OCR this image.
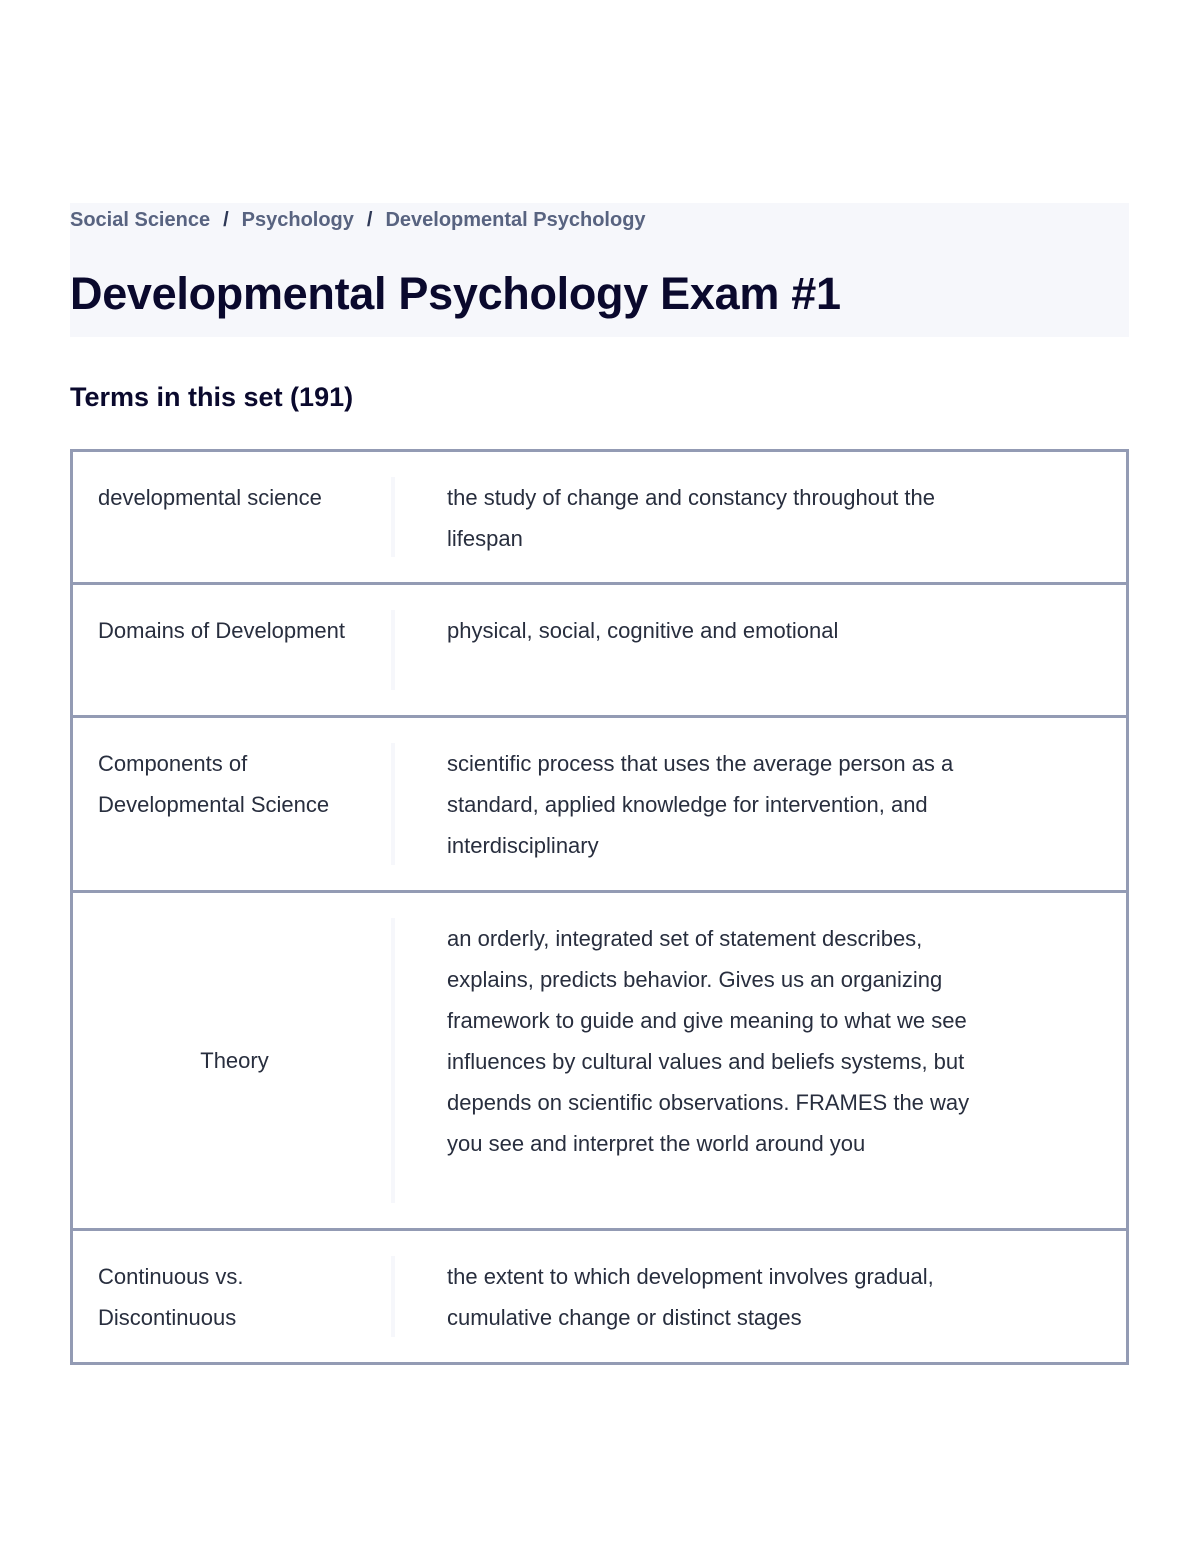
Social Science / Psychology / Developmental Psychology
Developmental Psychology Exam #1
Terms in this set (191)
developmental science	the study of change and constancy throughout the lifespan
Domains of Development	physical, social, cognitive and emotional
Components of Developmental Science
scientific process that uses the average person as a standard, applied knowledge for intervention, and interdisciplinary
Theory
an orderly, integrated set of statement describes, explains, predicts behavior. Gives us an organizing framework to guide and give meaning to what we see influences by cultural values and beliefs systems, but depends on scientific observations. FRAMES the way you see and interpret the world around you
Continuous vs. Discontinuous
the extent to which development involves gradual, cumulative change or distinct stages
